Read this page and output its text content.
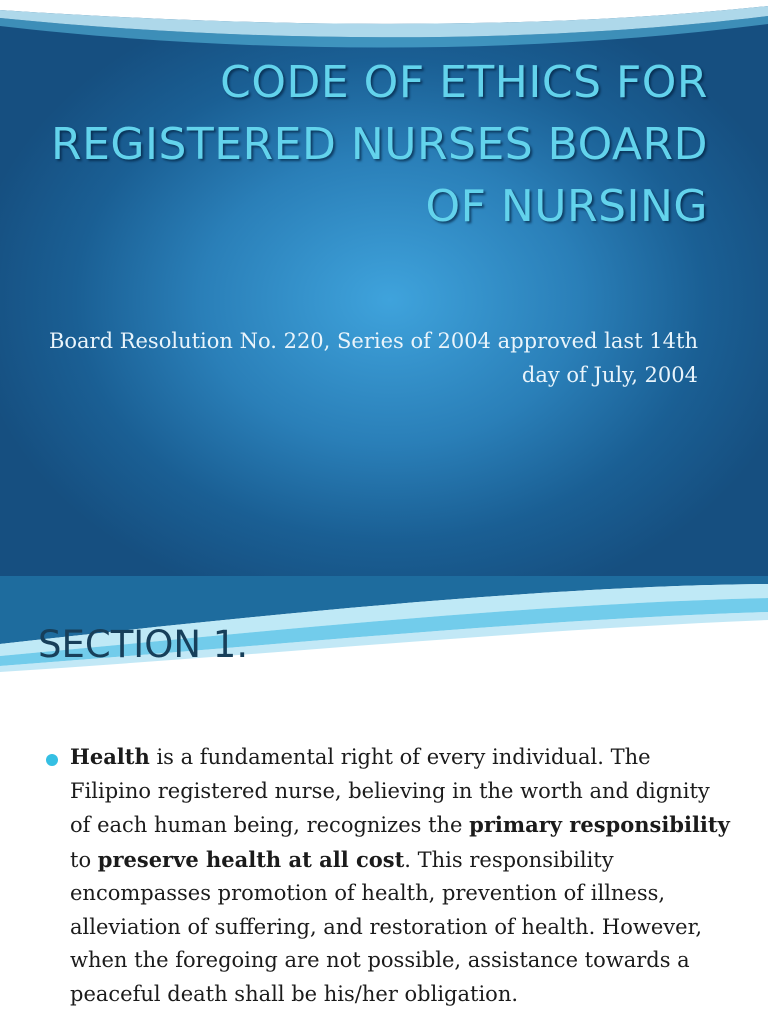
CODE OF ETHICS FOR REGISTERED NURSES BOARD OF NURSING

Board Resolution No. 220, Series of 2004 approved last 14th day of July, 2004

SECTION 1.

Health is a fundamental right of every individual. The Filipino registered nurse, believing in the worth and dignity of each human being, recognizes the primary responsibility to preserve health at all cost. This responsibility encompasses promotion of health, prevention of illness, alleviation of suffering, and restoration of health. However, when the foregoing are not possible, assistance towards a peaceful death shall be his/her obligation.
